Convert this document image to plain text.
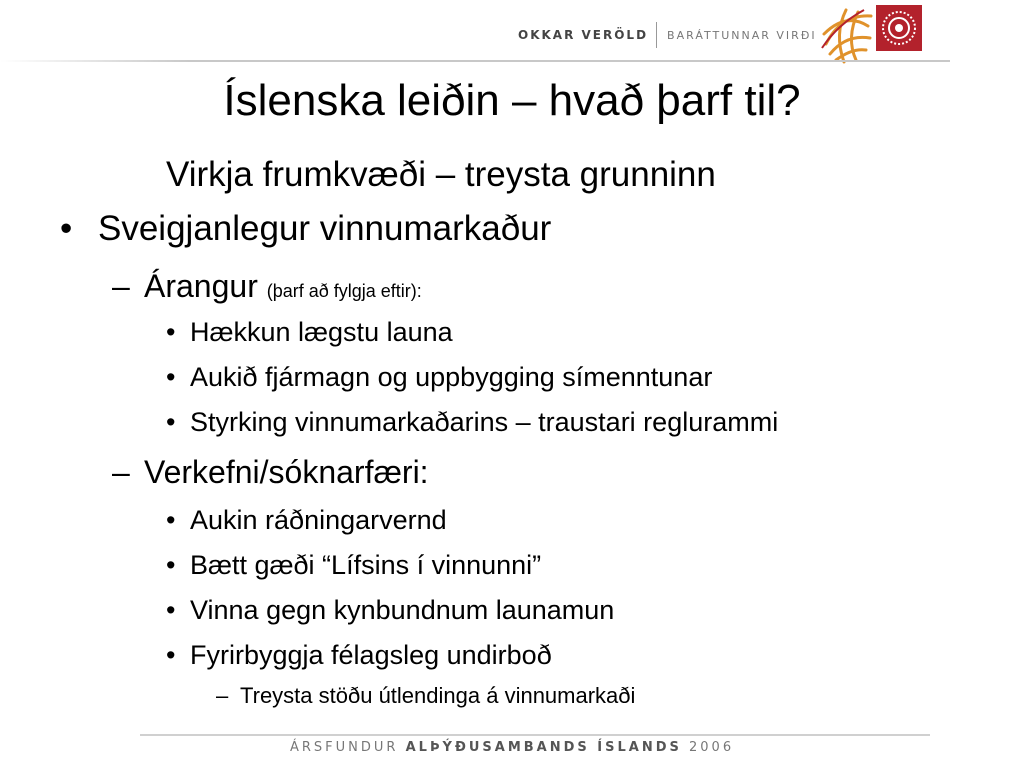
OKKAR VERÖLD BARÁTTUNNAR VIRÐI
Íslenska leiðin – hvað þarf til?
Virkja frumkvæði – treysta grunninn
• Sveigjanlegur vinnumarkaður
– Árangur (þarf að fylgja eftir):
• Hækkun lægstu launa
• Aukið fjármagn og uppbygging símenntunar
• Styrking vinnumarkaðarins – traustari reglurammi
– Verkefni/sóknarfæri:
• Aukin ráðningarvernd
• Bætt gæði “Lífsins í vinnunni”
• Vinna gegn kynbundnum launamun
• Fyrirbyggja félagsleg undirboð
– Treysta stöðu útlendinga á vinnumarkaði
ÁRSFUNDUR ALÞÝÐUSAMBANDS ÍSLANDS 2006
